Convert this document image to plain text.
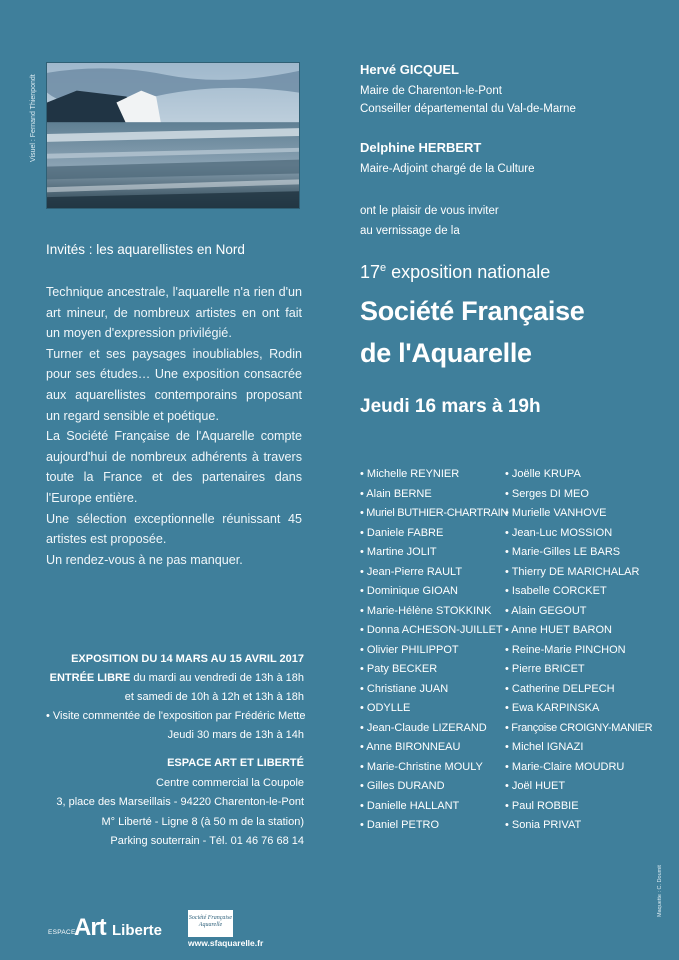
Visuel : Fernand Thienpondt
Invités : les aquarellistes en Nord

Technique ancestrale, l'aquarelle n'a rien d'un art mineur, de nombreux artistes en ont fait un moyen d'expression privilégié.

Turner et ses paysages inoubliables, Rodin pour ses études… Une exposition consacrée aux aquarellistes contemporains proposant un regard sensible et poétique.

La Société Française de l'Aquarelle compte aujourd'hui de nombreux adhérents à travers toute la France et des partenaires dans l'Europe entière.

Une sélection exceptionnelle réunissant 45 artistes est proposée.

Un rendez-vous à ne pas manquer.

EXPOSITION DU 14 MARS AU 15 AVRIL 2017
ENTRÉE LIBRE du mardi au vendredi de 13h à 18h
et samedi de 10h à 12h et 13h à 18h
• Visite commentée de l'exposition par Frédéric Mette
Jeudi 30 mars de 13h à 14h
ESPACE ART ET LIBERTÉ
Centre commercial la Coupole
3, place des Marseillais - 94220 Charenton-le-Pont
M° Liberté - Ligne 8 (à 50 m de la station)
Parking souterrain - Tél. 01 46 76 68 14
ESPACE
Art Liberte
Société Française Aquarelle
www.sfaquarelle.fr
Hervé GICQUEL
Maire de Charenton-le-Pont
Conseiller départemental du Val-de-Marne
Delphine HERBERT
Maire-Adjoint chargé de la Culture
ont le plaisir de vous inviter
au vernissage de la
17e exposition nationale
Société Française
de l'Aquarelle
Jeudi 16 mars à 19h
• Michelle REYNIER
• Alain BERNE
• Muriel BUTHIER-CHARTRAIN
• Daniele FABRE
• Martine JOLIT
• Jean-Pierre RAULT
• Dominique GIOAN
• Marie-Hélène STOKKINK
• Donna ACHESON-JUILLET
• Olivier PHILIPPOT
• Paty BECKER
• Christiane JUAN
• ODYLLE
• Jean-Claude LIZERAND
• Anne BIRONNEAU
• Marie-Christine MOULY
• Gilles DURAND
• Danielle HALLANT
• Daniel PETRO
• Joëlle KRUPA
• Serges DI MEO
• Murielle VANHOVE
• Jean-Luc MOSSION
• Marie-Gilles LE BARS
• Thierry DE MARICHALAR
• Isabelle CORCKET
• Alain GEGOUT
• Anne HUET BARON
• Reine-Marie PINCHON
• Pierre BRICET
• Catherine DELPECH
• Ewa KARPINSKA
• Françoise CROIGNY-MANIER
• Michel IGNAZI
• Marie-Claire MOUDRU
• Joël HUET
• Paul ROBBIE
• Sonia PRIVAT
Maquette : C. Doumit
